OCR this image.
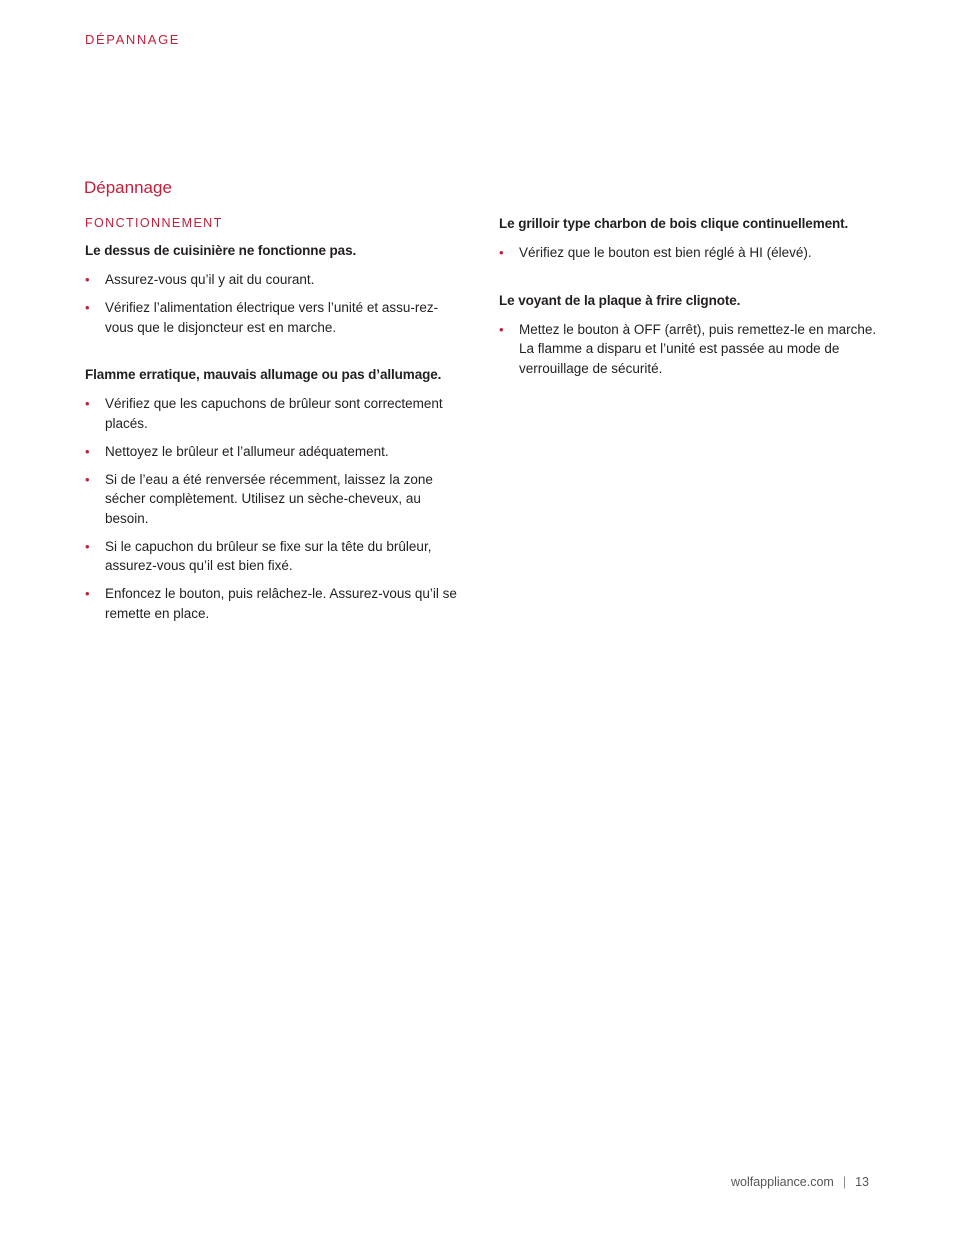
DÉPANNAGE
Dépannage
FONCTIONNEMENT
Le dessus de cuisinière ne fonctionne pas.
• Assurez-vous qu’il y ait du courant.
• Vérifiez l’alimentation électrique vers l’unité et assu-rez-vous que le disjoncteur est en marche.
Flamme erratique, mauvais allumage ou pas d’allumage.
• Vérifiez que les capuchons de brûleur sont correctement placés.
• Nettoyez le brûleur et l’allumeur adéquatement.
• Si de l’eau a été renversée récemment, laissez la zone sécher complètement. Utilisez un sèche-cheveux, au besoin.
• Si le capuchon du brûleur se fixe sur la tête du brûleur, assurez-vous qu’il est bien fixé.
• Enfoncez le bouton, puis relâchez-le. Assurez-vous qu’il se remette en place.
Le grilloir type charbon de bois clique continuellement.
• Vérifiez que le bouton est bien réglé à HI (élevé).
Le voyant de la plaque à frire clignote.
• Mettez le bouton à OFF (arrêt), puis remettez-le en marche. La flamme a disparu et l’unité est passée au mode de verrouillage de sécurité.
wolfappliance.com | 13
